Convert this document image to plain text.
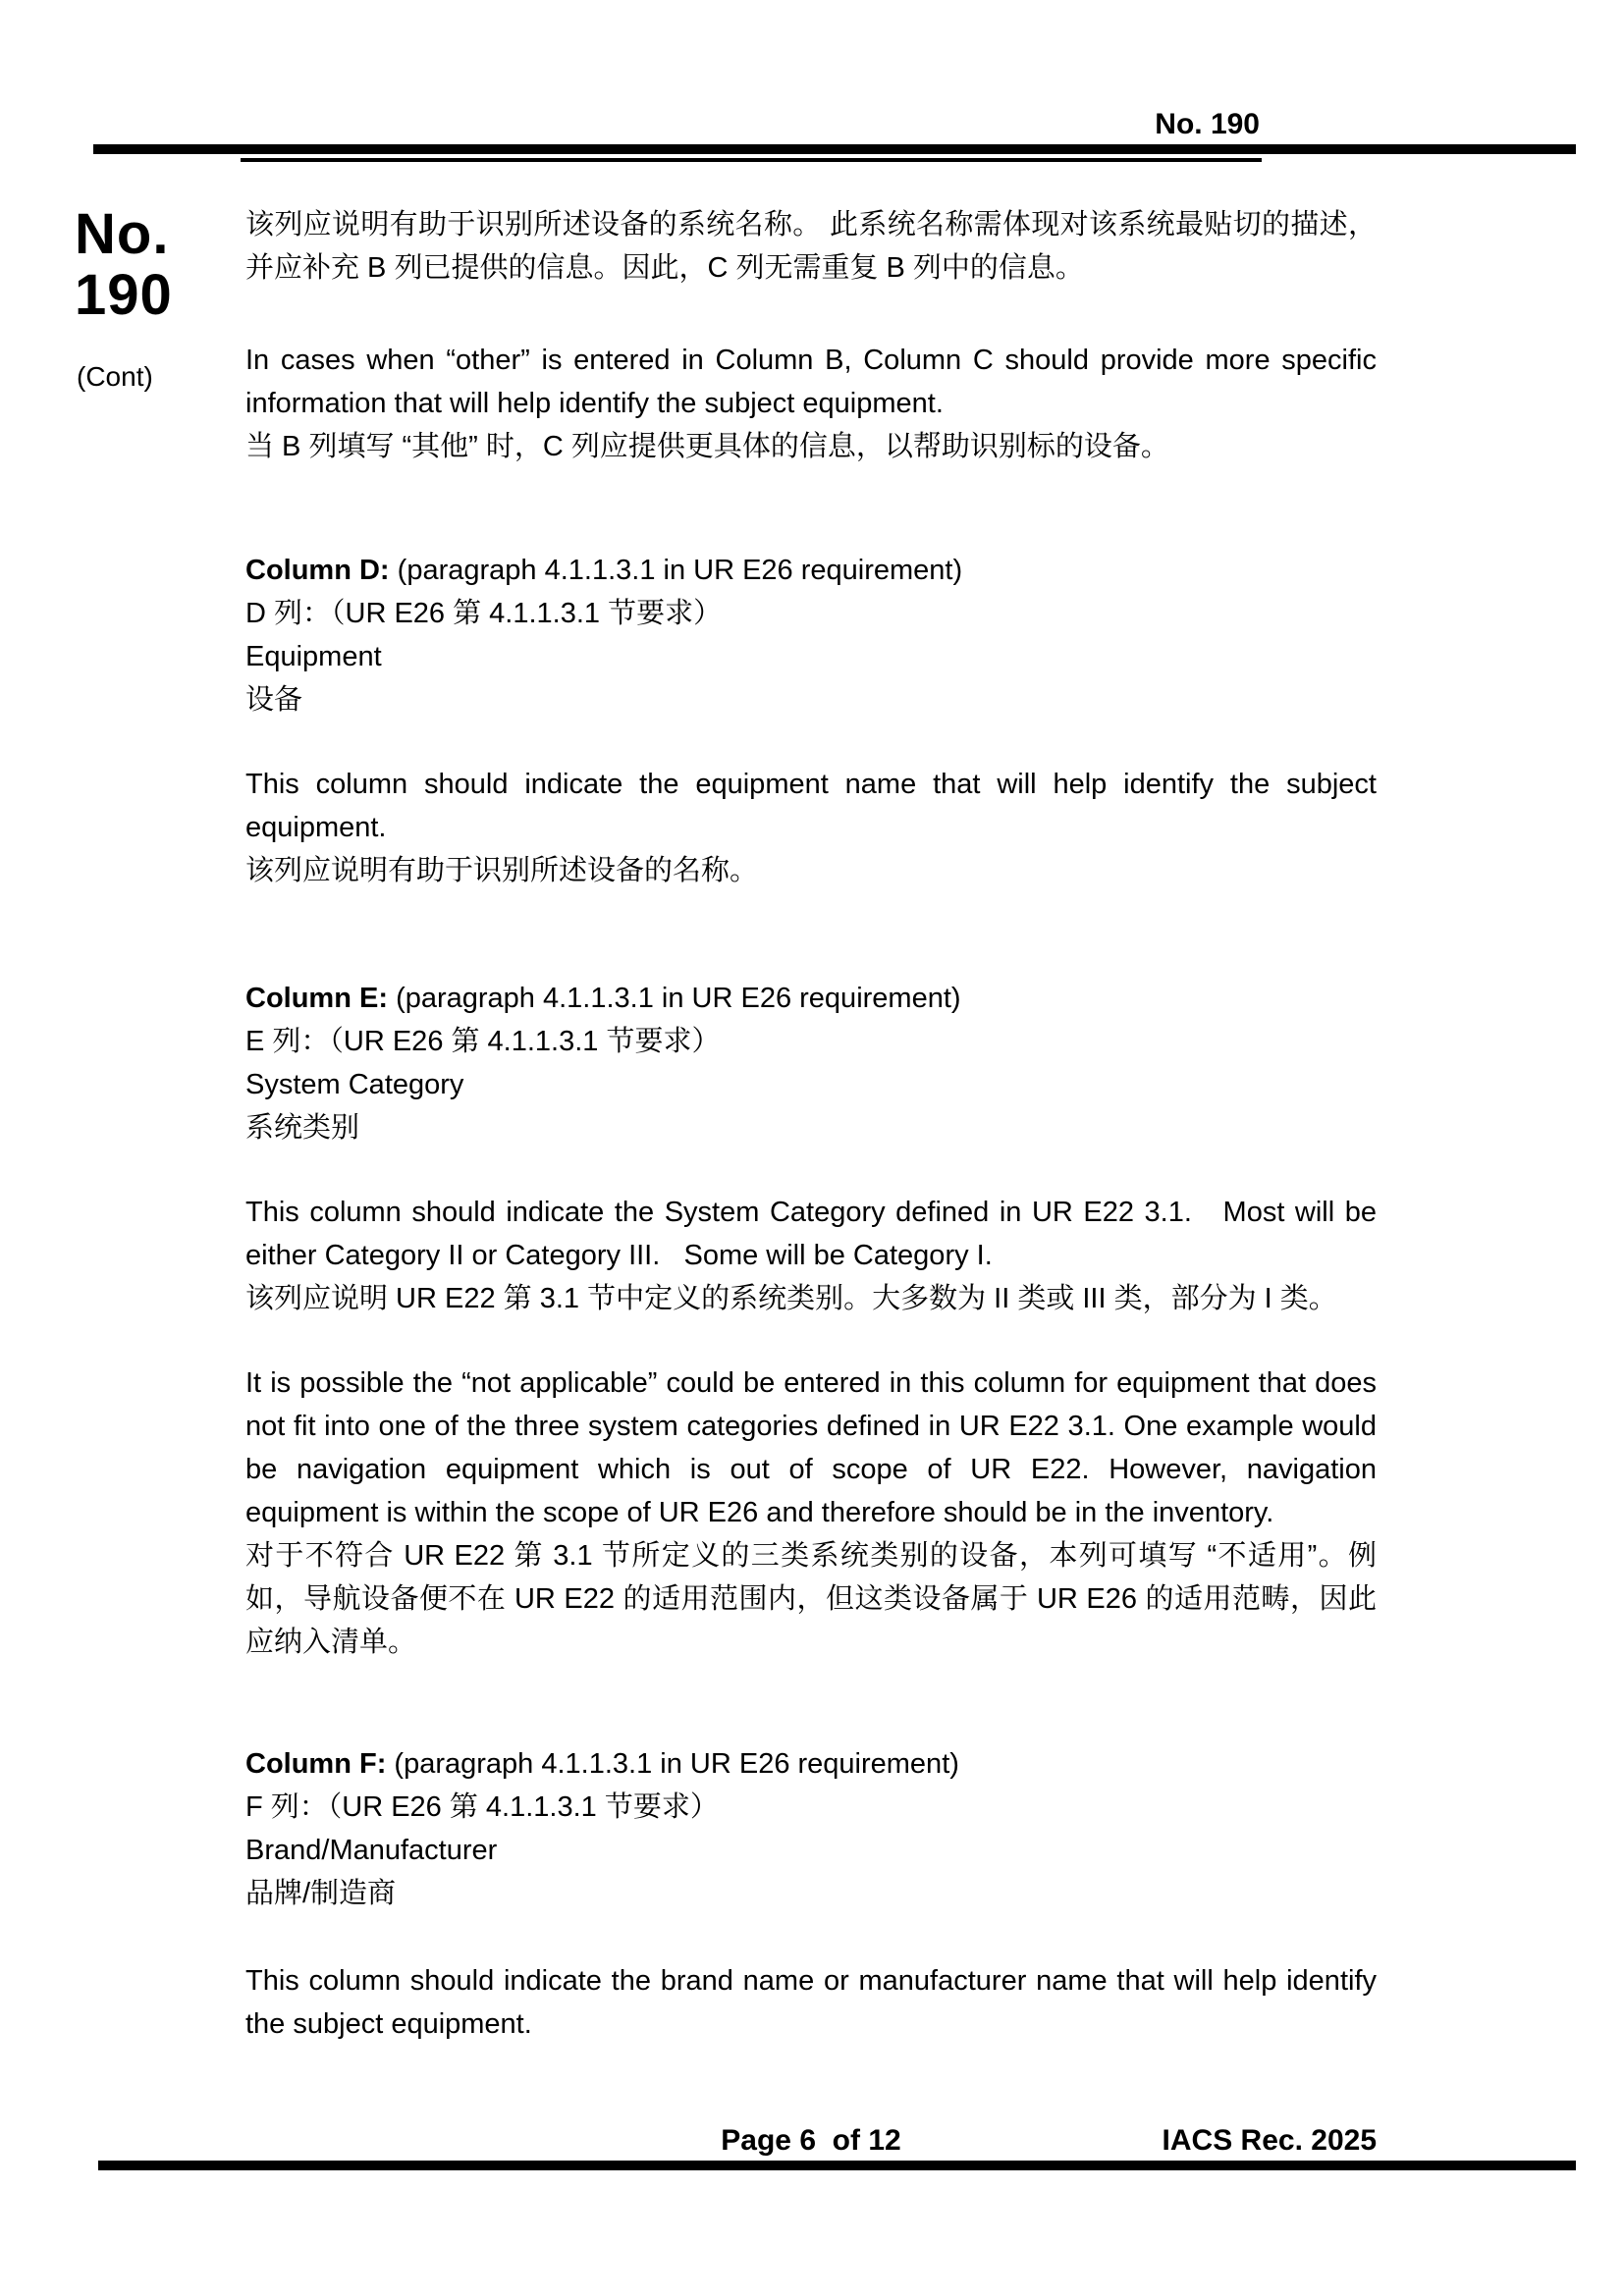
No. 190
No.
190
(Cont)

该列应说明有助于识别所述设备的系统名称。 此系统名称需体现对该系统最贴切的描述， 并应补充 B 列已提供的信息。因此，C 列无需重复 B 列中的信息。

In cases when “other” is entered in Column B, Column C should provide more specific information that will help identify the subject equipment.

当 B 列填写 “其他” 时，C 列应提供更具体的信息，以帮助识别标的设备。

Column D: (paragraph 4.1.1.3.1 in UR E26 requirement)

D 列：（UR E26 第 4.1.1.3.1 节要求）

Equipment

设备

This column should indicate the equipment name that will help identify the subject equipment.

该列应说明有助于识别所述设备的名称。

Column E: (paragraph 4.1.1.3.1 in UR E26 requirement)

E 列：（UR E26 第 4.1.1.3.1 节要求）

System Category

系统类别

This column should indicate the System Category defined in UR E22 3.1.   Most will be either Category II or Category III.   Some will be Category I.

该列应说明 UR E22 第 3.1 节中定义的系统类别。大多数为 II 类或 III 类，部分为 I 类。

It is possible the “not applicable” could be entered in this column for equipment that does not fit into one of the three system categories defined in UR E22 3.1. One example would be navigation equipment which is out of scope of UR E22. However, navigation equipment is within the scope of UR E26 and therefore should be in the inventory.

对于不符合 UR E22 第 3.1 节所定义的三类系统类别的设备，本列可填写 “不适用”。例如，导航设备便不在 UR E22 的适用范围内，但这类设备属于 UR E26 的适用范畴，因此 应纳入清单。

Column F: (paragraph 4.1.1.3.1 in UR E26 requirement)

F 列：（UR E26 第 4.1.1.3.1 节要求）

Brand/Manufacturer

品牌/制造商

This column should indicate the brand name or manufacturer name that will help identify the subject equipment.

Page 6  of 12	IACS Rec. 2025
